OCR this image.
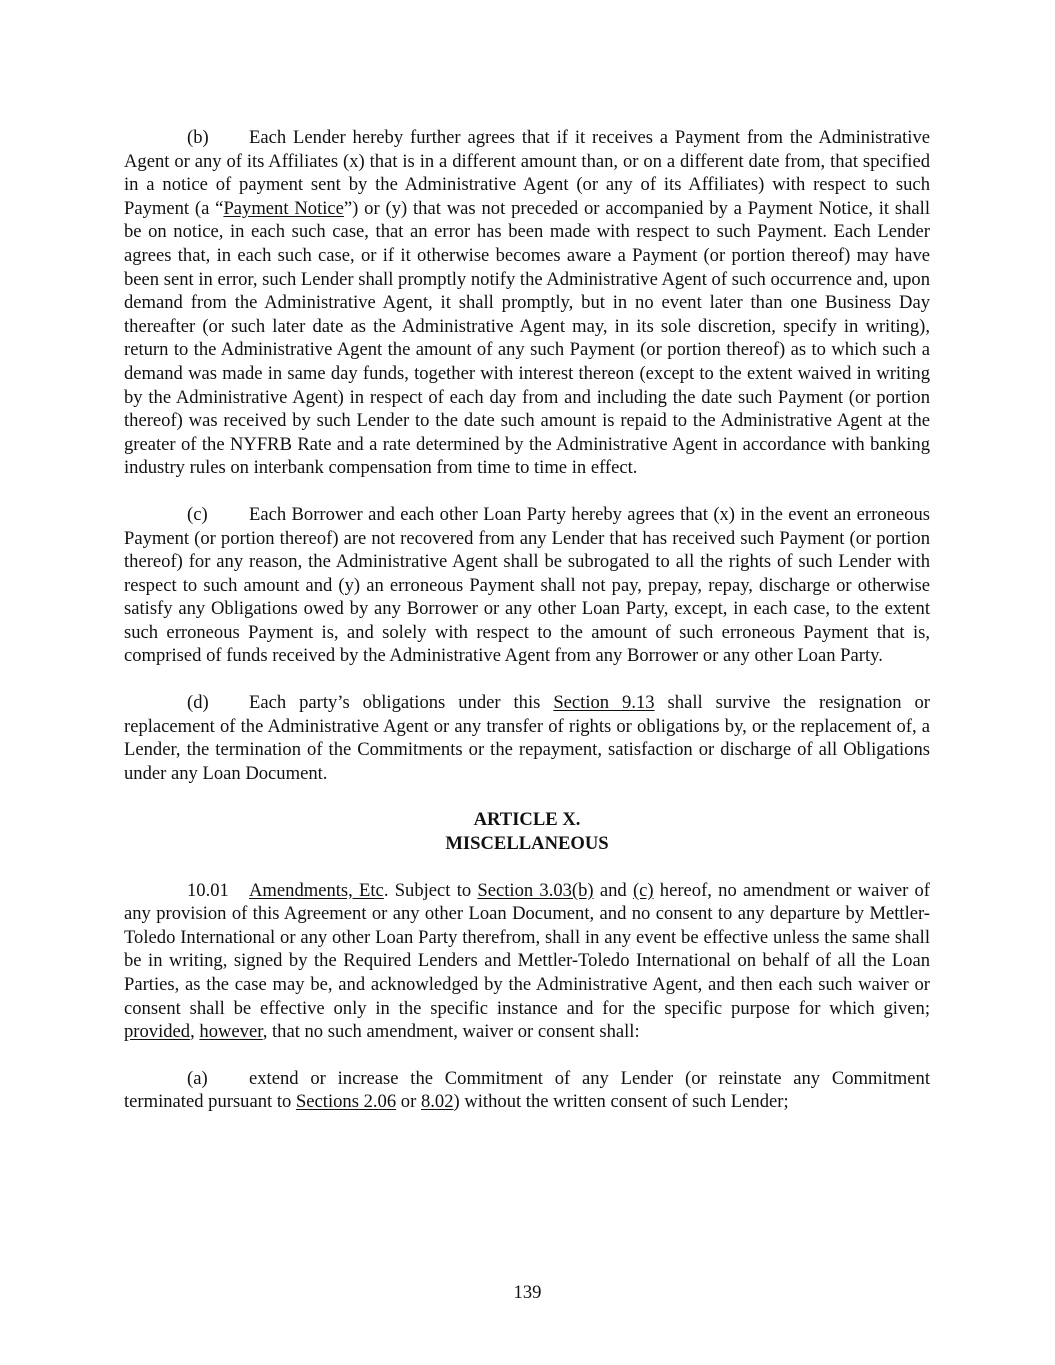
(b) Each Lender hereby further agrees that if it receives a Payment from the Administrative Agent or any of its Affiliates (x) that is in a different amount than, or on a different date from, that specified in a notice of payment sent by the Administrative Agent (or any of its Affiliates) with respect to such Payment (a “Payment Notice”) or (y) that was not preceded or accompanied by a Payment Notice, it shall be on notice, in each such case, that an error has been made with respect to such Payment. Each Lender agrees that, in each such case, or if it otherwise becomes aware a Payment (or portion thereof) may have been sent in error, such Lender shall promptly notify the Administrative Agent of such occurrence and, upon demand from the Administrative Agent, it shall promptly, but in no event later than one Business Day thereafter (or such later date as the Administrative Agent may, in its sole discretion, specify in writing), return to the Administrative Agent the amount of any such Payment (or portion thereof) as to which such a demand was made in same day funds, together with interest thereon (except to the extent waived in writing by the Administrative Agent) in respect of each day from and including the date such Payment (or portion thereof) was received by such Lender to the date such amount is repaid to the Administrative Agent at the greater of the NYFRB Rate and a rate determined by the Administrative Agent in accordance with banking industry rules on interbank compensation from time to time in effect.

(c) Each Borrower and each other Loan Party hereby agrees that (x) in the event an erroneous Payment (or portion thereof) are not recovered from any Lender that has received such Payment (or portion thereof) for any reason, the Administrative Agent shall be subrogated to all the rights of such Lender with respect to such amount and (y) an erroneous Payment shall not pay, prepay, repay, discharge or otherwise satisfy any Obligations owed by any Borrower or any other Loan Party, except, in each case, to the extent such erroneous Payment is, and solely with respect to the amount of such erroneous Payment that is, comprised of funds received by the Administrative Agent from any Borrower or any other Loan Party.

(d) Each party’s obligations under this Section 9.13 shall survive the resignation or replacement of the Administrative Agent or any transfer of rights or obligations by, or the replacement of, a Lender, the termination of the Commitments or the repayment, satisfaction or discharge of all Obligations under any Loan Document.

ARTICLE X.
MISCELLANEOUS

10.01 Amendments, Etc. Subject to Section 3.03(b) and (c) hereof, no amendment or waiver of any provision of this Agreement or any other Loan Document, and no consent to any departure by Mettler-Toledo International or any other Loan Party therefrom, shall in any event be effective unless the same shall be in writing, signed by the Required Lenders and Mettler-Toledo International on behalf of all the Loan Parties, as the case may be, and acknowledged by the Administrative Agent, and then each such waiver or consent shall be effective only in the specific instance and for the specific purpose for which given; provided, however, that no such amendment, waiver or consent shall:

(a) extend or increase the Commitment of any Lender (or reinstate any Commitment terminated pursuant to Sections 2.06 or 8.02) without the written consent of such Lender;

139
